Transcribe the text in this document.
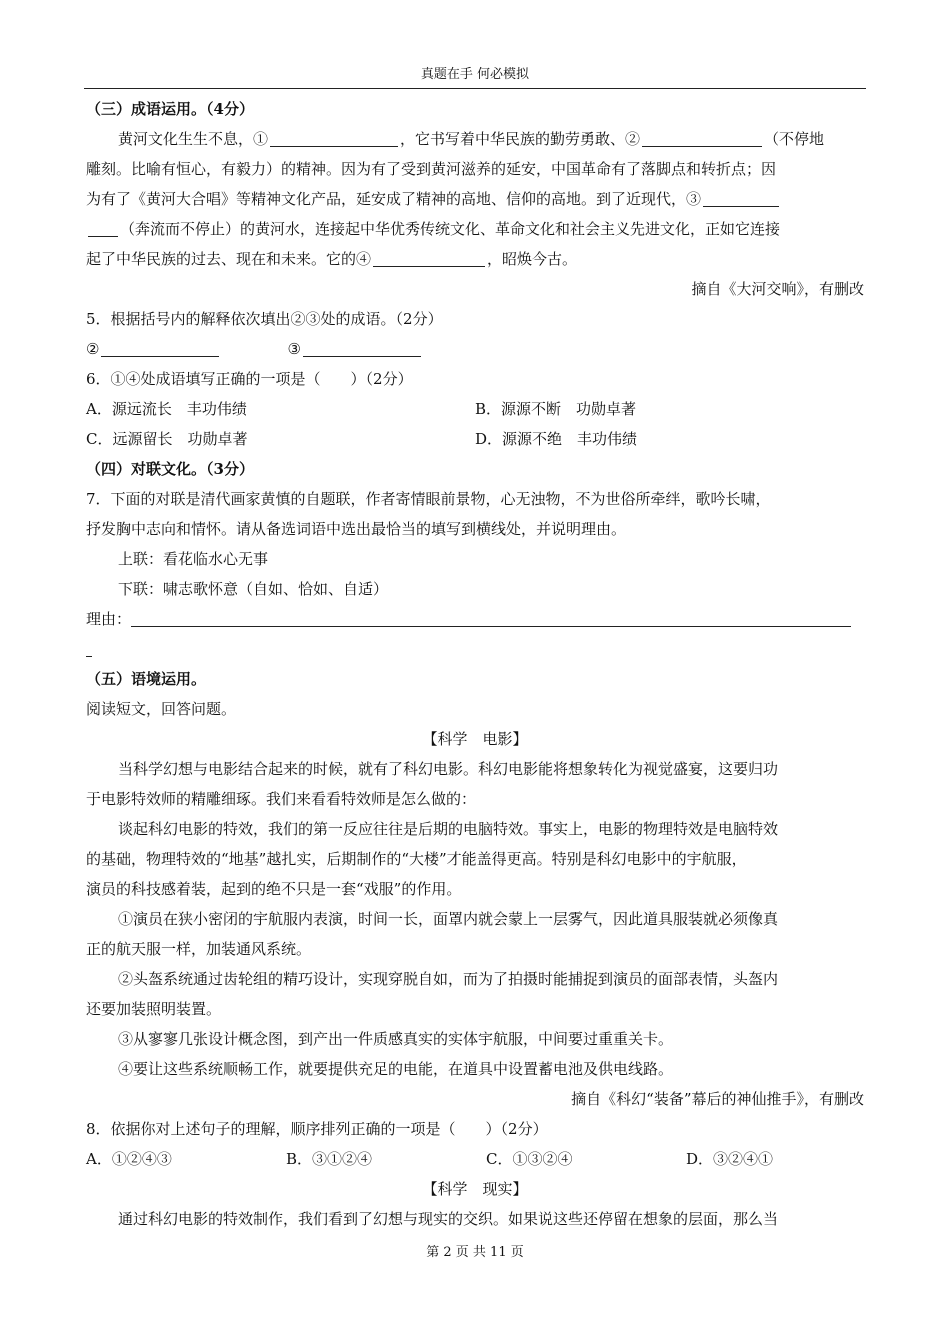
真题在手 何必模拟
（三）成语运用。（4分）
黄河文化生生不息，①	，它书写着中华民族的勤劳勇敢、②	（不停地
雕刻。比喻有恒心，有毅力）的精神。因为有了受到黄河滋养的延安，中国革命有了落脚点和转折点；因
为有了《黄河大合唱》等精神文化产品，延安成了精神的高地、信仰的高地。到了近现代，③
（奔流而不停止）的黄河水，连接起中华优秀传统文化、革命文化和社会主义先进文化，正如它连接
起了中华民族的过去、现在和未来。它的④	，昭焕今古。
摘自《大河交响》，有删改
5．根据括号内的解释依次填出②③处的成语。（2分）
②	③
6．①④处成语填写正确的一项是（　　）（2分）
A．源远流长　丰功伟绩	B．源源不断　功勋卓著
C．远源留长　功勋卓著	D．源源不绝　丰功伟绩
（四）对联文化。（3分）
7．下面的对联是清代画家黄慎的自题联，作者寄情眼前景物，心无浊物，不为世俗所牵绊，歌吟长啸，
抒发胸中志向和情怀。请从备选词语中选出最恰当的填写到横线处，并说明理由。
上联：看花临水心无事
下联：啸志歌怀意（自如、恰如、自适）
理由：
（五）语境运用。
阅读短文，回答问题。
【科学　电影】
当科学幻想与电影结合起来的时候，就有了科幻电影。科幻电影能将想象转化为视觉盛宴，这要归功
于电影特效师的精雕细琢。我们来看看特效师是怎么做的：
谈起科幻电影的特效，我们的第一反应往往是后期的电脑特效。事实上，电影的物理特效是电脑特效
的基础，物理特效的“地基”越扎实，后期制作的“大楼”才能盖得更高。特别是科幻电影中的宇航服，
演员的科技感着装，起到的绝不只是一套“戏服”的作用。
①演员在狭小密闭的宇航服内表演，时间一长，面罩内就会蒙上一层雾气，因此道具服装就必须像真
正的航天服一样，加装通风系统。
②头盔系统通过齿轮组的精巧设计，实现穿脱自如，而为了拍摄时能捕捉到演员的面部表情，头盔内
还要加装照明装置。
③从寥寥几张设计概念图，到产出一件质感真实的实体宇航服，中间要过重重关卡。
④要让这些系统顺畅工作，就要提供充足的电能，在道具中设置蓄电池及供电线路。
摘自《科幻“装备”幕后的神仙推手》，有删改
8．依据你对上述句子的理解，顺序排列正确的一项是（　　）（2分）
A．①②④③	B．③①②④	C．①③②④	D．③②④①
【科学　现实】
通过科幻电影的特效制作，我们看到了幻想与现实的交织。如果说这些还停留在想象的层面，那么当
第 2 页 共 11 页
